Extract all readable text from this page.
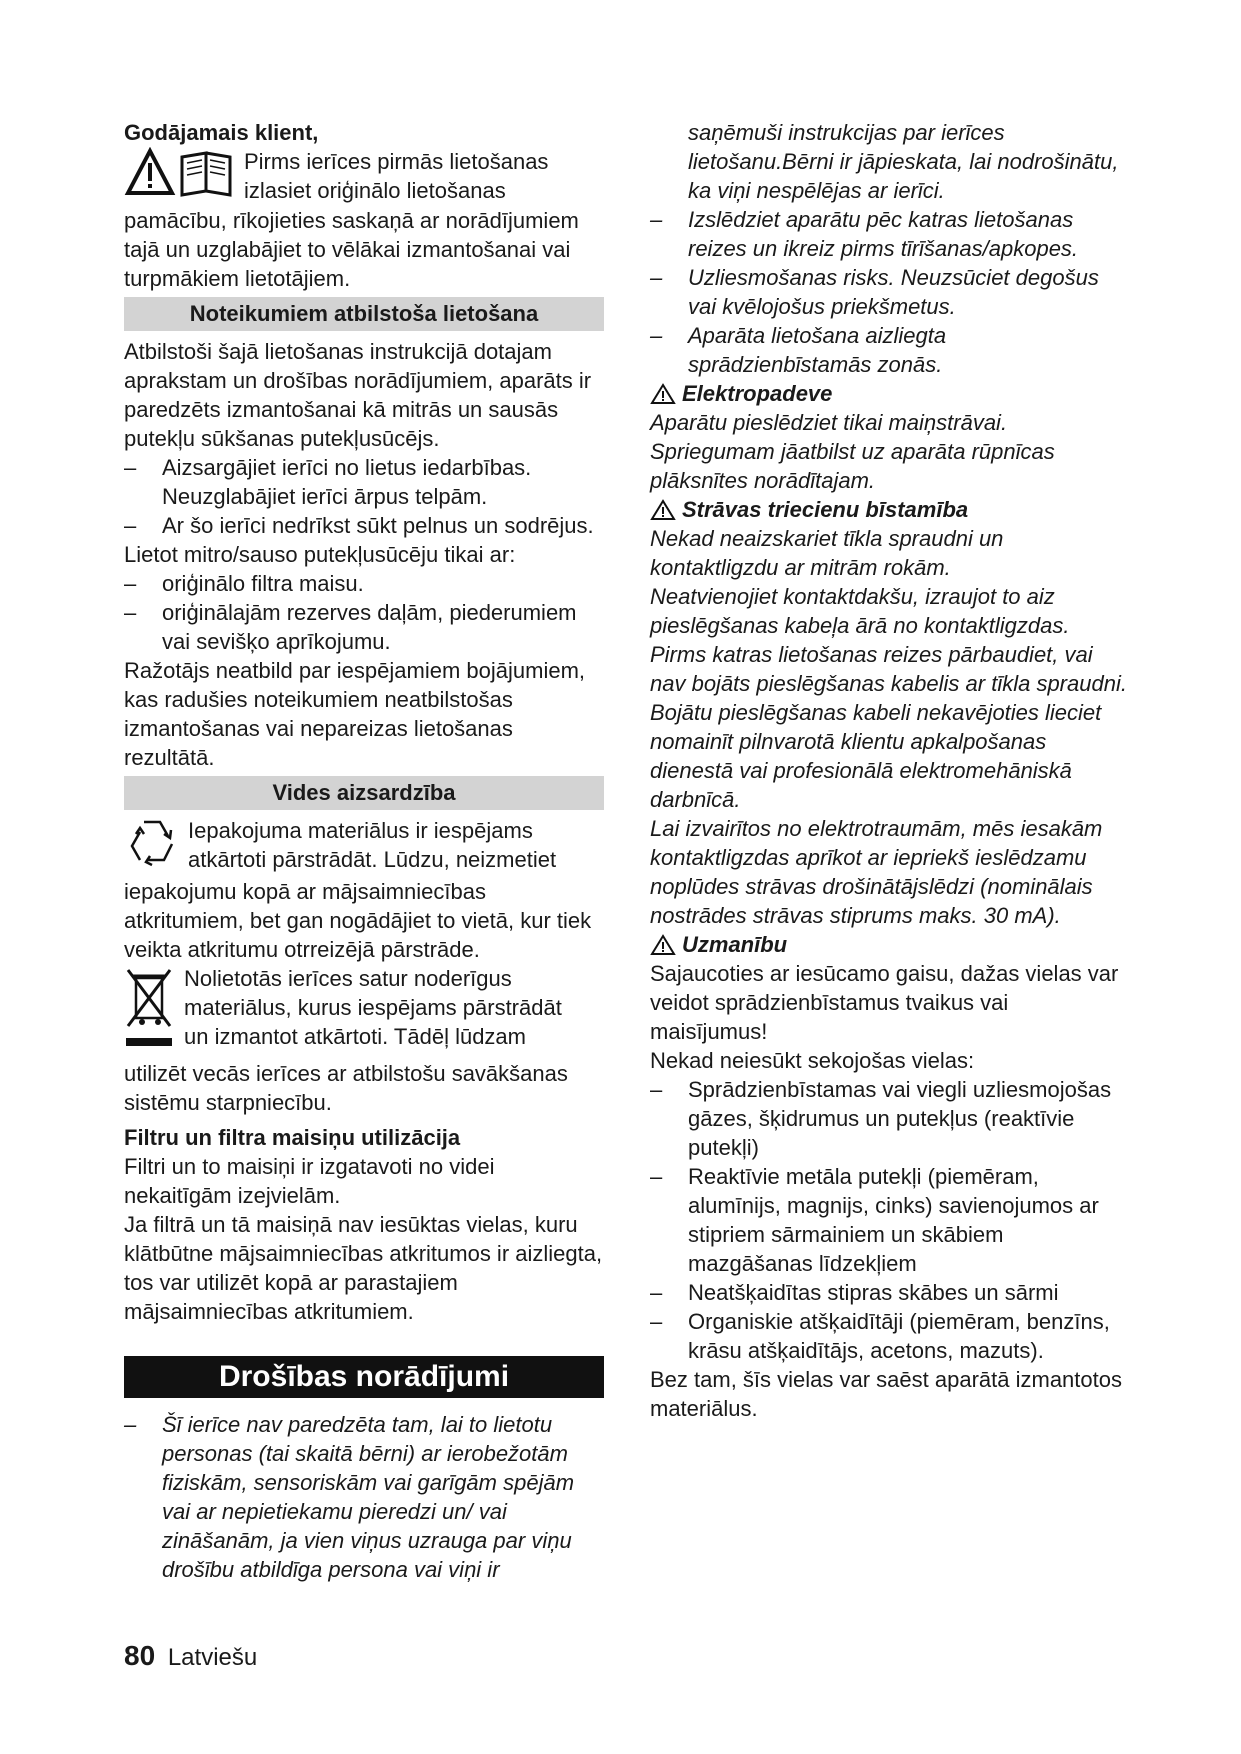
Godājamais klient,

Pirms ierīces pirmās lietošanas

izlasiet oriģinālo lietošanas

pamācību, rīkojieties saskaņā ar norādījumiem tajā un uzglabājiet to vēlākai izmantošanai vai turpmākiem lietotājiem.

Noteikumiem atbilstoša lietošana

Atbilstoši šajā lietošanas instrukcijā dotajam aprakstam un drošības norādījumiem, aparāts ir paredzēts izmantošanai kā mitrās un sausās putekļu sūkšanas putekļusūcējs.

–	Aizsargājiet ierīci no lietus iedarbības. Neuzglabājiet ierīci ārpus telpām.
–	Ar šo ierīci nedrīkst sūkt pelnus un sodrējus.

Lietot mitro/sauso putekļusūcēju tikai ar:

–	oriģinālo filtra maisu.
–	oriģinālajām rezerves daļām, piederumiem vai sevišķo aprīkojumu.

Ražotājs neatbild par iespējamiem bojājumiem, kas radušies noteikumiem neatbilstošas izmantošanas vai nepareizas lietošanas rezultātā.

Vides aizsardzība

Iepakojuma materiālus ir iespējams

atkārtoti pārstrādāt. Lūdzu, neizmetiet

iepakojumu kopā ar mājsaimniecības atkritumiem, bet gan nogādājiet to vietā, kur tiek veikta atkritumu otrreizējā pārstrāde.

Nolietotās ierīces satur noderīgus

materiālus, kurus iespējams pārstrādāt

un izmantot atkārtoti. Tādēļ lūdzam

utilizēt vecās ierīces ar atbilstošu savākšanas sistēmu starpniecību.

Filtru un filtra maisiņu utilizācija

Filtri un to maisiņi ir izgatavoti no videi nekaitīgām izejvielām.

Ja filtrā un tā maisiņā nav iesūktas vielas, kuru klātbūtne mājsaimniecības atkritumos ir aizliegta, tos var utilizēt kopā ar parastajiem mājsaimniecības atkritumiem.

Drošības norādījumi
–	Šī ierīce nav paredzēta tam, lai to lietotu personas (tai skaitā bērni) ar ierobežotām fiziskām, sensoriskām vai garīgām spējām vai ar nepietiekamu pieredzi un/ vai zināšanām, ja vien viņus uzrauga par viņu drošību atbildīga persona vai viņi ir

saņēmuši instrukcijas par ierīces lietošanu.Bērni ir jāpieskata, lai nodrošinātu, ka viņi nespēlējas ar ierīci.

–	Izslēdziet aparātu pēc katras lietošanas reizes un ikreiz pirms tīrīšanas/apkopes.
–	Uzliesmošanas risks. Neuzsūciet degošus vai kvēlojošus priekšmetus.
–	Aparāta lietošana aizliegta sprādzienbīstamās zonās.
Elektropadeve

Aparātu pieslēdziet tikai maiņstrāvai.

Spriegumam jāatbilst uz aparāta rūpnīcas plāksnītes norādītajam.

Strāvas triecienu bīstamība

Nekad neaizskariet tīkla spraudni un kontaktligzdu ar mitrām rokām.

Neatvienojiet kontaktdakšu, izraujot to aiz pieslēgšanas kabeļa ārā no kontaktligzdas.

Pirms katras lietošanas reizes pārbaudiet, vai nav bojāts pieslēgšanas kabelis ar tīkla spraudni. Bojātu pieslēgšanas kabeli nekavējoties lieciet nomainīt pilnvarotā klientu apkalpošanas dienestā vai profesionālā elektromehāniskā darbnīcā.

Lai izvairītos no elektrotraumām, mēs iesakām kontaktligzdas aprīkot ar iepriekš ieslēdzamu noplūdes strāvas drošinātājslēdzi (nominālais nostrādes strāvas stiprums maks. 30 mA).

Uzmanību

Sajaucoties ar iesūcamo gaisu, dažas vielas var veidot sprādzienbīstamus tvaikus vai maisījumus!

Nekad neiesūkt sekojošas vielas:

–	Sprādzienbīstamas vai viegli uzliesmojošas gāzes, šķidrumus un putekļus (reaktīvie putekļi)
–	Reaktīvie metāla putekļi (piemēram, alumīnijs, magnijs, cinks) savienojumos ar stipriem sārmainiem un skābiem mazgāšanas līdzekļiem
–	Neatšķaidītas stipras skābes un sārmi
–	Organiskie atšķaidītāji (piemēram, benzīns, krāsu atšķaidītājs, acetons, mazuts).

Bez tam, šīs vielas var saēst aparātā izmantotos materiālus.

80 Latviešu
